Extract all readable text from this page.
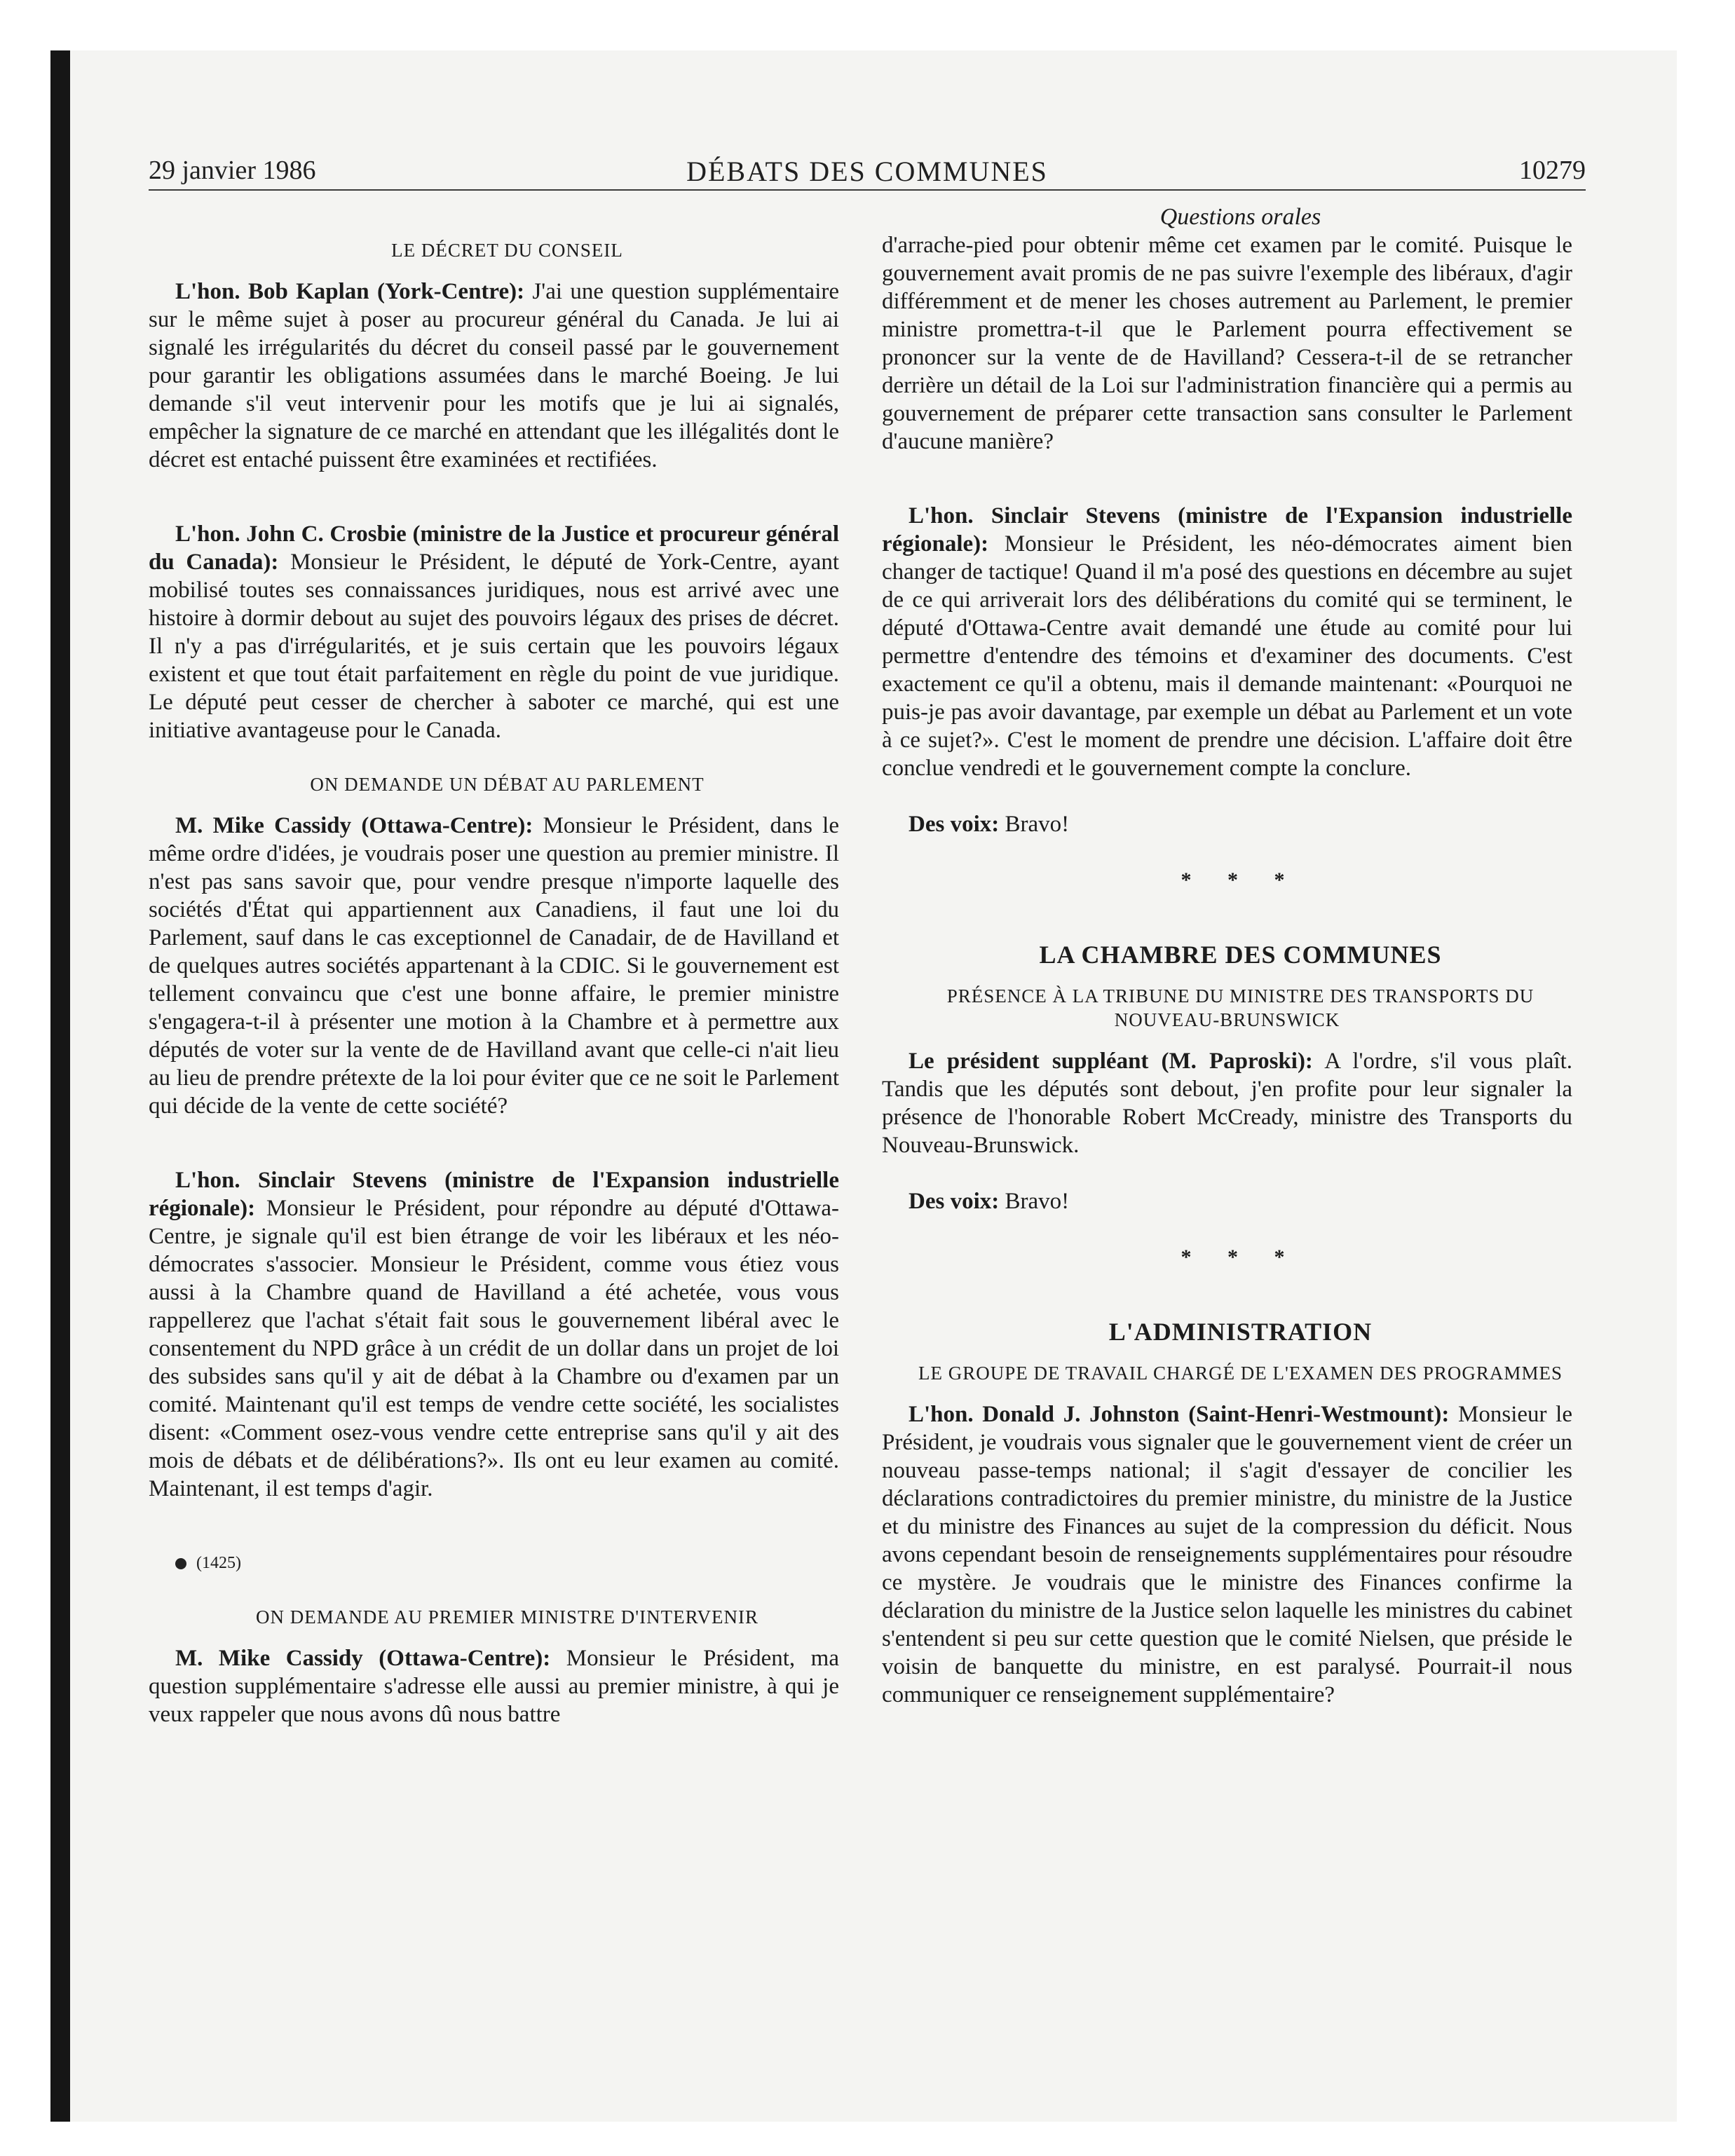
29 janvier 1986	DÉBATS DES COMMUNES	10279

LE DÉCRET DU CONSEIL

L'hon. Bob Kaplan (York-Centre): J'ai une question supplémentaire sur le même sujet à poser au procureur général du Canada. Je lui ai signalé les irrégularités du décret du conseil passé par le gouvernement pour garantir les obligations assumées dans le marché Boeing. Je lui demande s'il veut intervenir pour les motifs que je lui ai signalés, empêcher la signature de ce marché en attendant que les illégalités dont le décret est entaché puissent être examinées et rectifiées.

L'hon. John C. Crosbie (ministre de la Justice et procureur général du Canada): Monsieur le Président, le député de York-Centre, ayant mobilisé toutes ses connaissances juridiques, nous est arrivé avec une histoire à dormir debout au sujet des pouvoirs légaux des prises de décret. Il n'y a pas d'irrégularités, et je suis certain que les pouvoirs légaux existent et que tout était parfaitement en règle du point de vue juridique. Le député peut cesser de chercher à saboter ce marché, qui est une initiative avantageuse pour le Canada.

ON DEMANDE UN DÉBAT AU PARLEMENT

M. Mike Cassidy (Ottawa-Centre): Monsieur le Président, dans le même ordre d'idées, je voudrais poser une question au premier ministre. Il n'est pas sans savoir que, pour vendre presque n'importe laquelle des sociétés d'État qui appartiennent aux Canadiens, il faut une loi du Parlement, sauf dans le cas exceptionnel de Canadair, de de Havilland et de quelques autres sociétés appartenant à la CDIC. Si le gouvernement est tellement convaincu que c'est une bonne affaire, le premier ministre s'engagera-t-il à présenter une motion à la Chambre et à permettre aux députés de voter sur la vente de de Havilland avant que celle-ci n'ait lieu au lieu de prendre prétexte de la loi pour éviter que ce ne soit le Parlement qui décide de la vente de cette société?

L'hon. Sinclair Stevens (ministre de l'Expansion industrielle régionale): Monsieur le Président, pour répondre au député d'Ottawa-Centre, je signale qu'il est bien étrange de voir les libéraux et les néo-démocrates s'associer. Monsieur le Président, comme vous étiez vous aussi à la Chambre quand de Havilland a été achetée, vous vous rappellerez que l'achat s'était fait sous le gouvernement libéral avec le consentement du NPD grâce à un crédit de un dollar dans un projet de loi des subsides sans qu'il y ait de débat à la Chambre ou d'examen par un comité. Maintenant qu'il est temps de vendre cette société, les socialistes disent: «Comment osez-vous vendre cette entreprise sans qu'il y ait des mois de débats et de délibérations?». Ils ont eu leur examen au comité. Maintenant, il est temps d'agir.

(1425)

ON DEMANDE AU PREMIER MINISTRE D'INTERVENIR

M. Mike Cassidy (Ottawa-Centre): Monsieur le Président, ma question supplémentaire s'adresse elle aussi au premier ministre, à qui je veux rappeler que nous avons dû nous battre

Questions orales

d'arrache-pied pour obtenir même cet examen par le comité. Puisque le gouvernement avait promis de ne pas suivre l'exemple des libéraux, d'agir différemment et de mener les choses autrement au Parlement, le premier ministre promettra-t-il que le Parlement pourra effectivement se prononcer sur la vente de de Havilland? Cessera-t-il de se retrancher derrière un détail de la Loi sur l'administration financière qui a permis au gouvernement de préparer cette transaction sans consulter le Parlement d'aucune manière?

L'hon. Sinclair Stevens (ministre de l'Expansion industrielle régionale): Monsieur le Président, les néo-démocrates aiment bien changer de tactique! Quand il m'a posé des questions en décembre au sujet de ce qui arriverait lors des délibérations du comité qui se terminent, le député d'Ottawa-Centre avait demandé une étude au comité pour lui permettre d'entendre des témoins et d'examiner des documents. C'est exactement ce qu'il a obtenu, mais il demande maintenant: «Pourquoi ne puis-je pas avoir davantage, par exemple un débat au Parlement et un vote à ce sujet?». C'est le moment de prendre une décision. L'affaire doit être conclue vendredi et le gouvernement compte la conclure.

Des voix: Bravo!

* * *

LA CHAMBRE DES COMMUNES

PRÉSENCE À LA TRIBUNE DU MINISTRE DES TRANSPORTS DU NOUVEAU-BRUNSWICK

Le président suppléant (M. Paproski): A l'ordre, s'il vous plaît. Tandis que les députés sont debout, j'en profite pour leur signaler la présence de l'honorable Robert McCready, ministre des Transports du Nouveau-Brunswick.

Des voix: Bravo!

* * *

L'ADMINISTRATION

LE GROUPE DE TRAVAIL CHARGÉ DE L'EXAMEN DES PROGRAMMES

L'hon. Donald J. Johnston (Saint-Henri-Westmount): Monsieur le Président, je voudrais vous signaler que le gouvernement vient de créer un nouveau passe-temps national; il s'agit d'essayer de concilier les déclarations contradictoires du premier ministre, du ministre de la Justice et du ministre des Finances au sujet de la compression du déficit. Nous avons cependant besoin de renseignements supplémentaires pour résoudre ce mystère. Je voudrais que le ministre des Finances confirme la déclaration du ministre de la Justice selon laquelle les ministres du cabinet s'entendent si peu sur cette question que le comité Nielsen, que préside le voisin de banquette du ministre, en est paralysé. Pourrait-il nous communiquer ce renseignement supplémentaire?
